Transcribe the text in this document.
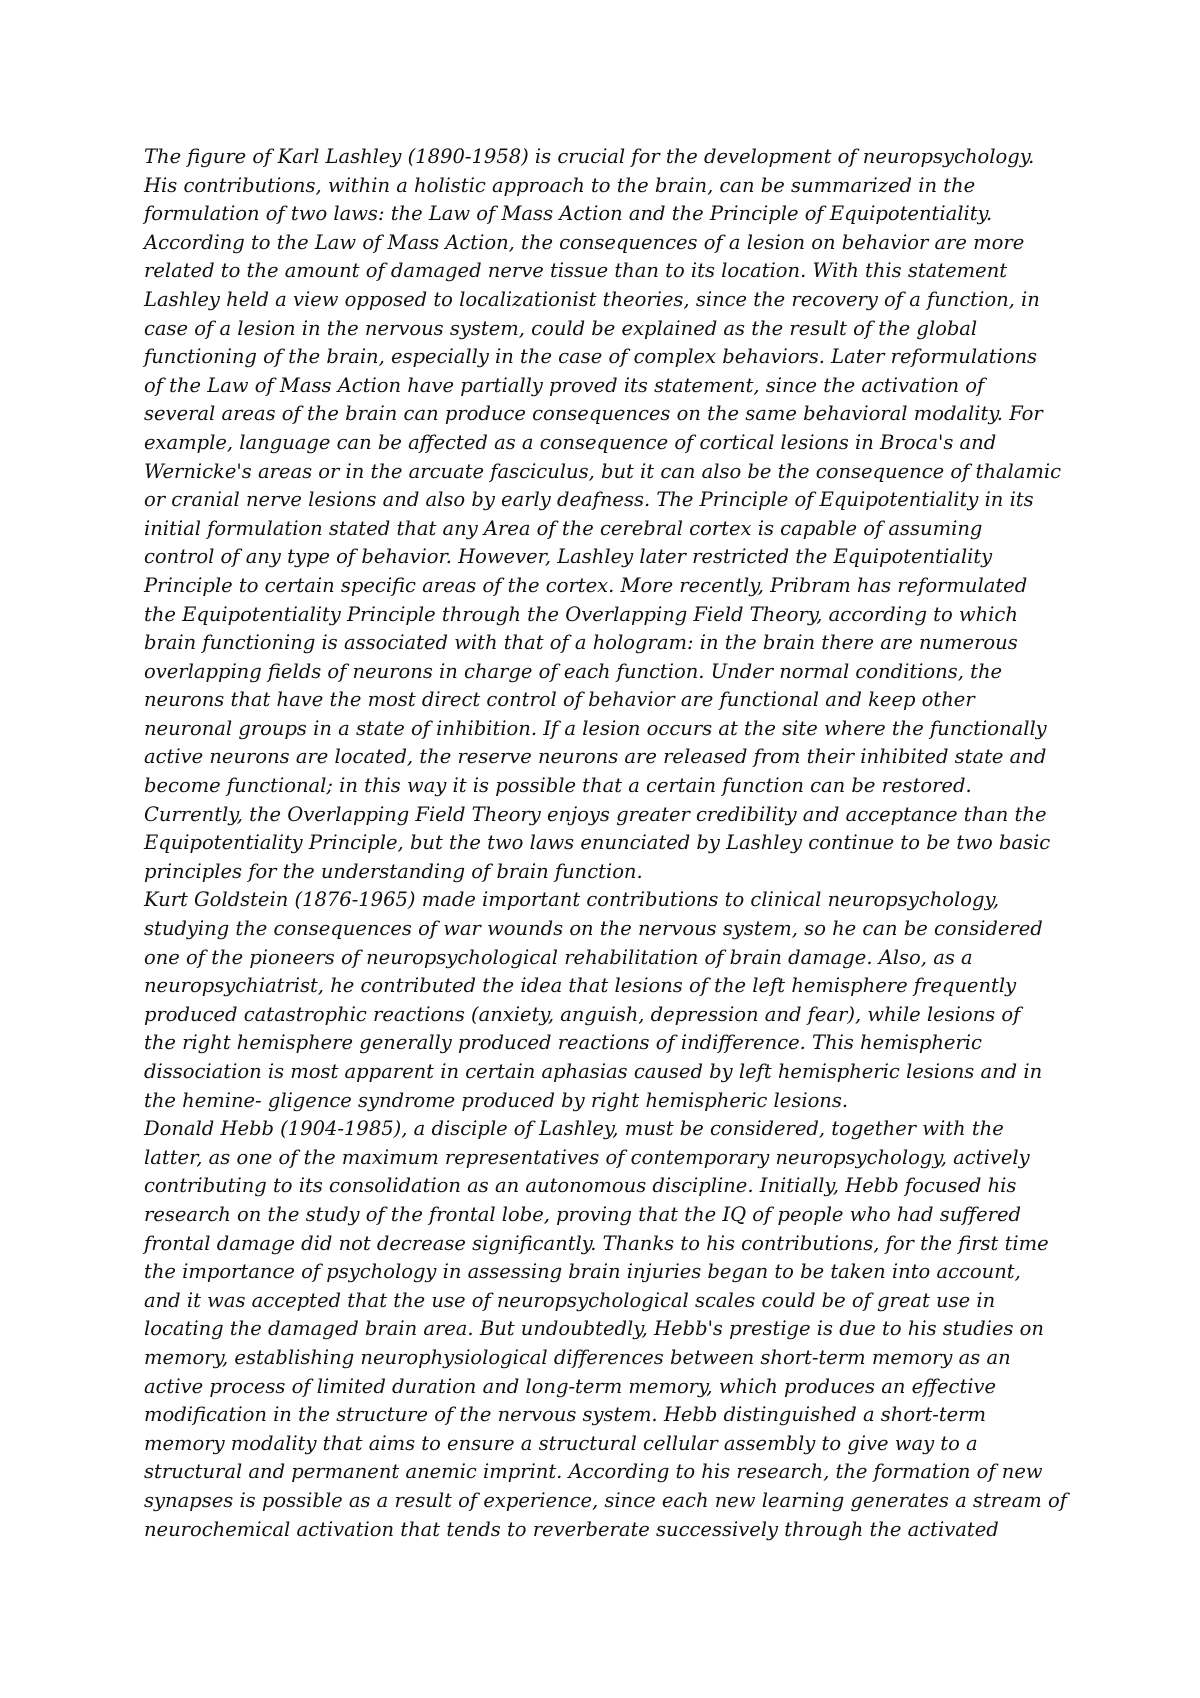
The figure of Karl Lashley (1890-1958) is crucial for the development of neuropsychology.
His contributions, within a holistic approach to the brain, can be summarized in the
formulation of two laws: the Law of Mass Action and the Principle of Equipotentiality.
According to the Law of Mass Action, the consequences of a lesion on behavior are more
related to the amount of damaged nerve tissue than to its location. With this statement
Lashley held a view opposed to localizationist theories, since the recovery of a function, in
case of a lesion in the nervous system, could be explained as the result of the global
functioning of the brain, especially in the case of complex behaviors. Later reformulations
of the Law of Mass Action have partially proved its statement, since the activation of
several areas of the brain can produce consequences on the same behavioral modality. For
example, language can be affected as a consequence of cortical lesions in Broca's and
Wernicke's areas or in the arcuate fasciculus, but it can also be the consequence of thalamic
or cranial nerve lesions and also by early deafness. The Principle of Equipotentiality in its
initial formulation stated that any Area of the cerebral cortex is capable of assuming
control of any type of behavior. However, Lashley later restricted the Equipotentiality
Principle to certain specific areas of the cortex. More recently, Pribram has reformulated
the Equipotentiality Principle through the Overlapping Field Theory, according to which
brain functioning is associated with that of a hologram: in the brain there are numerous
overlapping fields of neurons in charge of each function. Under normal conditions, the
neurons that have the most direct control of behavior are functional and keep other
neuronal groups in a state of inhibition. If a lesion occurs at the site where the functionally
active neurons are located, the reserve neurons are released from their inhibited state and
become functional; in this way it is possible that a certain function can be restored.
Currently, the Overlapping Field Theory enjoys greater credibility and acceptance than the
Equipotentiality Principle, but the two laws enunciated by Lashley continue to be two basic
principles for the understanding of brain function.
Kurt Goldstein (1876-1965) made important contributions to clinical neuropsychology,
studying the consequences of war wounds on the nervous system, so he can be considered
one of the pioneers of neuropsychological rehabilitation of brain damage. Also, as a
neuropsychiatrist, he contributed the idea that lesions of the left hemisphere frequently
produced catastrophic reactions (anxiety, anguish, depression and fear), while lesions of
the right hemisphere generally produced reactions of indifference. This hemispheric
dissociation is most apparent in certain aphasias caused by left hemispheric lesions and in
the hemine- gligence syndrome produced by right hemispheric lesions.
Donald Hebb (1904-1985), a disciple of Lashley, must be considered, together with the
latter, as one of the maximum representatives of contemporary neuropsychology, actively
contributing to its consolidation as an autonomous discipline. Initially, Hebb focused his
research on the study of the frontal lobe, proving that the IQ of people who had suffered
frontal damage did not decrease significantly. Thanks to his contributions, for the first time
the importance of psychology in assessing brain injuries began to be taken into account,
and it was accepted that the use of neuropsychological scales could be of great use in
locating the damaged brain area. But undoubtedly, Hebb's prestige is due to his studies on
memory, establishing neurophysiological differences between short-term memory as an
active process of limited duration and long-term memory, which produces an effective
modification in the structure of the nervous system. Hebb distinguished a short-term
memory modality that aims to ensure a structural cellular assembly to give way to a
structural and permanent anemic imprint. According to his research, the formation of new
synapses is possible as a result of experience, since each new learning generates a stream of
neurochemical activation that tends to reverberate successively through the activated
